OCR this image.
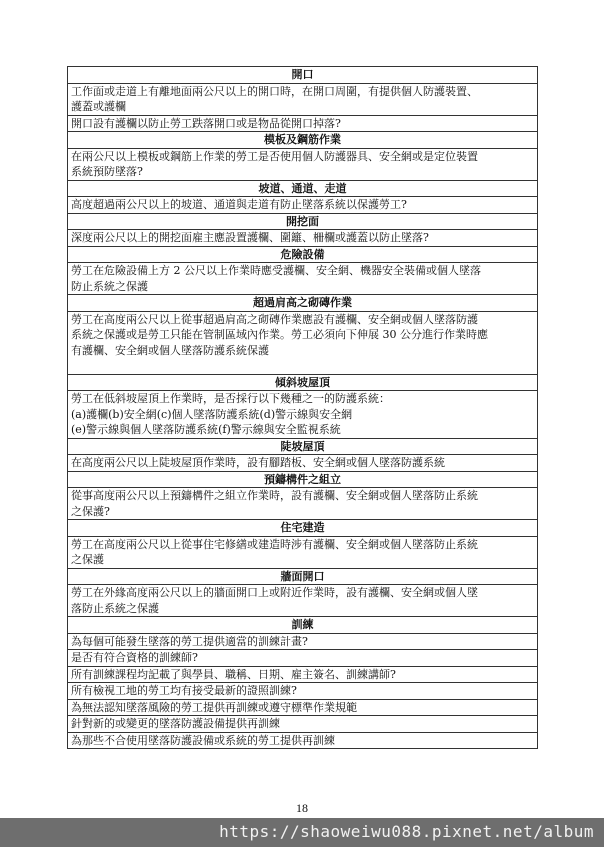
開口

工作面或走道上有離地面兩公尺以上的開口時，在開口周圍，有提供個人防護裝置、
護蓋或護欄

開口設有護欄以防止勞工跌落開口或是物品從開口掉落?

模板及鋼筋作業

在兩公尺以上模板或鋼筋上作業的勞工是否使用個人防護器具、安全網或是定位裝置
系統預防墜落?

坡道、通道、走道

高度超過兩公尺以上的坡道、通道與走道有防止墜落系統以保護勞工?

開挖面

深度兩公尺以上的開挖面雇主應設置護欄、圍籬、柵欄或護蓋以防止墜落?

危險設備

勞工在危險設備上方 2 公尺以上作業時應受護欄、安全網、機器安全裝備或個人墜落
防止系統之保護

超過肩高之砌磚作業

勞工在高度兩公尺以上從事超過肩高之砌磚作業應設有護欄、安全網或個人墜落防護
系統之保護或是勞工只能在管制區域內作業。勞工必須向下伸展 30 公分進行作業時應
有護欄、安全網或個人墜落防護系統保護

傾斜坡屋頂

勞工在低斜坡屋頂上作業時，是否採行以下幾種之一的防護系統：
(a)護欄(b)安全網(c)個人墜落防護系統(d)警示線與安全網
(e)警示線與個人墜落防護系統(f)警示線與安全監視系統

陡坡屋頂

在高度兩公尺以上陡坡屋頂作業時，設有腳踏板、安全網或個人墜落防護系統

預鑄構件之組立

從事高度兩公尺以上預鑄構件之組立作業時，設有護欄、安全網或個人墜落防止系統
之保護?

住宅建造

勞工在高度兩公尺以上從事住宅修繕或建造時涉有護欄、安全網或個人墜落防止系統
之保護

牆面開口

勞工在外緣高度兩公尺以上的牆面開口上或附近作業時，設有護欄、安全網或個人墜
落防止系統之保護

訓練

為每個可能發生墜落的勞工提供適當的訓練計畫?

是否有符合資格的訓練師?

所有訓練課程均記載了與學員、職稱、日期、雇主簽名、訓練講師?

所有檢視工地的勞工均有接受最新的證照訓練?

為無法認知墜落風險的勞工提供再訓練或遵守標準作業規範

針對新的或變更的墜落防護設備提供再訓練

為那些不合使用墜落防護設備或系統的勞工提供再訓練
18
https://shaoweiwu088.pixnet.net/album
